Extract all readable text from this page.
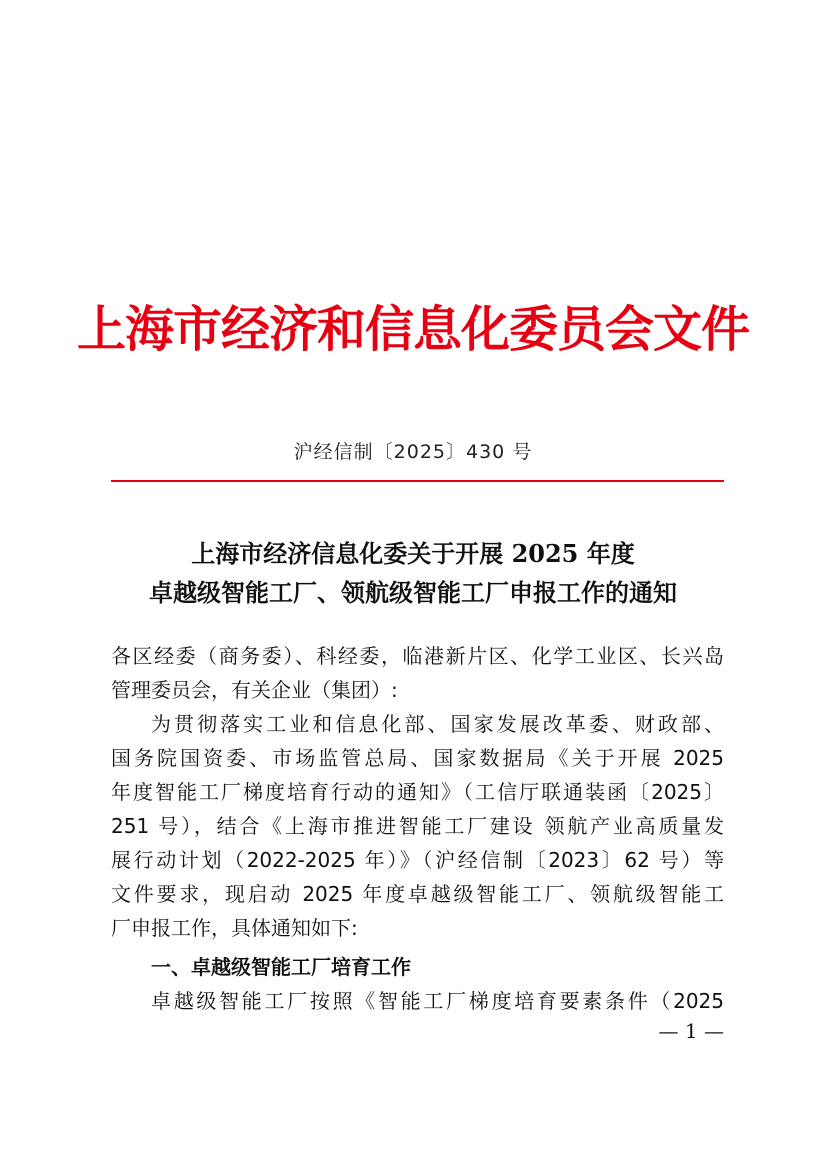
上海市经济和信息化委员会文件
沪经信制〔2025〕430 号
上海市经济信息化委关于开展 2025 年度
卓越级智能工厂、领航级智能工厂申报工作的通知
各区经委（商务委）、科经委，临港新片区、化学工业区、长兴岛
管理委员会，有关企业（集团）:
为贯彻落实工业和信息化部、国家发展改革委、财政部、
国务院国资委、市场监管总局、国家数据局《关于开展 2025
年度智能工厂梯度培育行动的通知》（工信厅联通装函〔2025〕
251 号），结合《上海市推进智能工厂建设 领航产业高质量发
展行动计划（2022-2025 年）》（沪经信制〔2023〕62 号）等
文件要求，现启动 2025 年度卓越级智能工厂、领航级智能工
厂申报工作，具体通知如下:
一、卓越级智能工厂培育工作
卓越级智能工厂按照《智能工厂梯度培育要素条件（2025
— 1 —
